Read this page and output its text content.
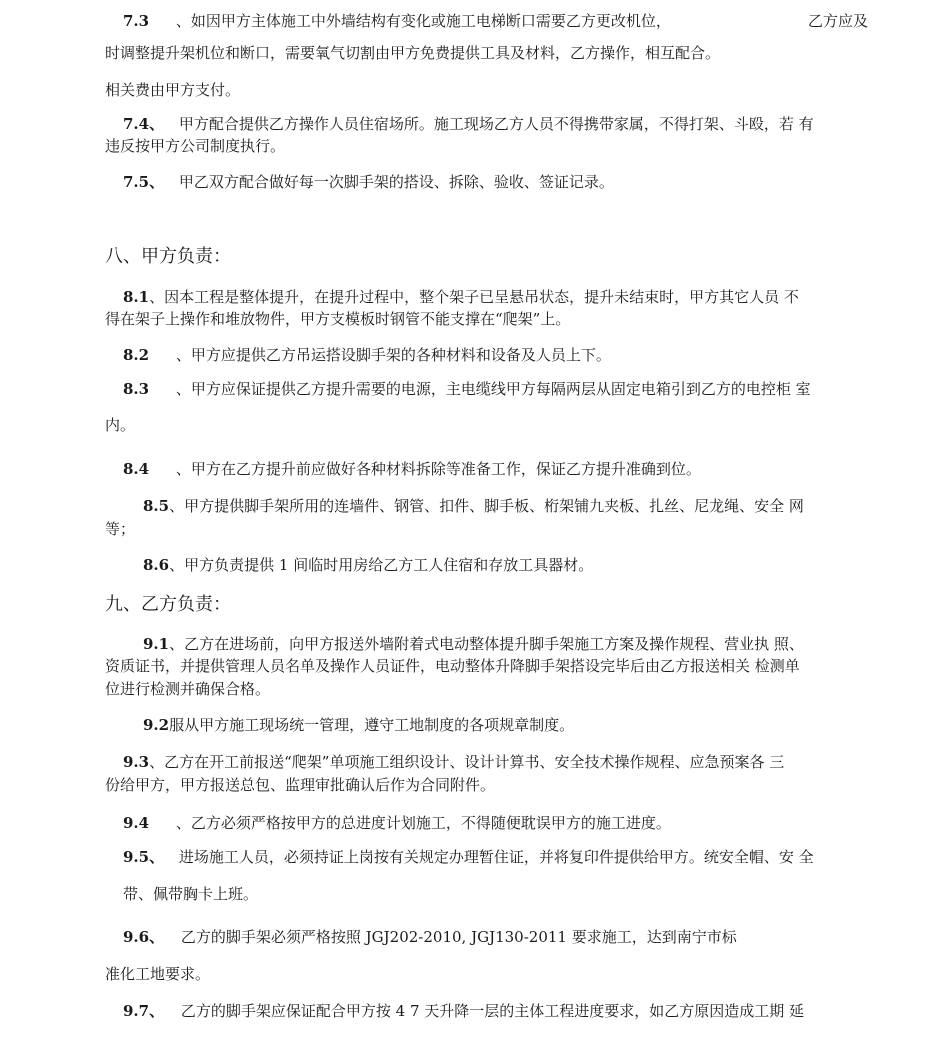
7.3 、如因甲方主体施工中外墙结构有变化或施工电梯断口需要乙方更改机位，	乙方应及
时调整提升架机位和断口，需要氧气切割由甲方免费提供工具及材料，乙方操作，相互配合。
相关费由甲方支付。
7.4、 甲方配合提供乙方操作人员住宿场所。施工现场乙方人员不得携带家属，不得打架、斗殴，若 有
违反按甲方公司制度执行。
7.5、 甲乙双方配合做好每一次脚手架的搭设、拆除、验收、签证记录。
八、甲方负责：
8.1、因本工程是整体提升，在提升过程中，整个架子已呈悬吊状态，提升未结束时，甲方其它人员 不
得在架子上操作和堆放物件，甲方支模板时钢管不能支撑在“爬架”上。
8.2 、甲方应提供乙方吊运搭设脚手架的各种材料和设备及人员上下。
8.3 、甲方应保证提供乙方提升需要的电源，主电缆线甲方每隔两层从固定电箱引到乙方的电控柜 室
内。
8.4 、甲方在乙方提升前应做好各种材料拆除等准备工作，保证乙方提升准确到位。
8.5、甲方提供脚手架所用的连墙件、钢管、扣件、脚手板、桁架铺九夹板、扎丝、尼龙绳、安全 网
等；
8.6、甲方负责提供 1 间临时用房给乙方工人住宿和存放工具器材。
九、乙方负责：
9.1、乙方在进场前，向甲方报送外墙附着式电动整体提升脚手架施工方案及操作规程、营业执 照、
资质证书，并提供管理人员名单及操作人员证件，电动整体升降脚手架搭设完毕后由乙方报送相关 检测单
位进行检测并确保合格。
9.2服从甲方施工现场统一管理，遵守工地制度的各项规章制度。
9.3、乙方在开工前报送“爬架”单项施工组织设计、设计计算书、安全技术操作规程、应急预案各 三
份给甲方，甲方报送总包、监理审批确认后作为合同附件。
9.4 、乙方必须严格按甲方的总进度计划施工，不得随便耽误甲方的施工进度。
9.5、 进场施工人员，必须持证上岗按有关规定办理暂住证，并将复印件提供给甲方。统安全帽、安 全
带、佩带胸卡上班。
9.6、 乙方的脚手架必须严格按照 JGJ202-2010, JGJ130-2011 要求施工，达到南宁市标
准化工地要求。
9.7、 乙方的脚手架应保证配合甲方按 4 7 天升降一层的主体工程进度要求，如乙方原因造成工期 延
